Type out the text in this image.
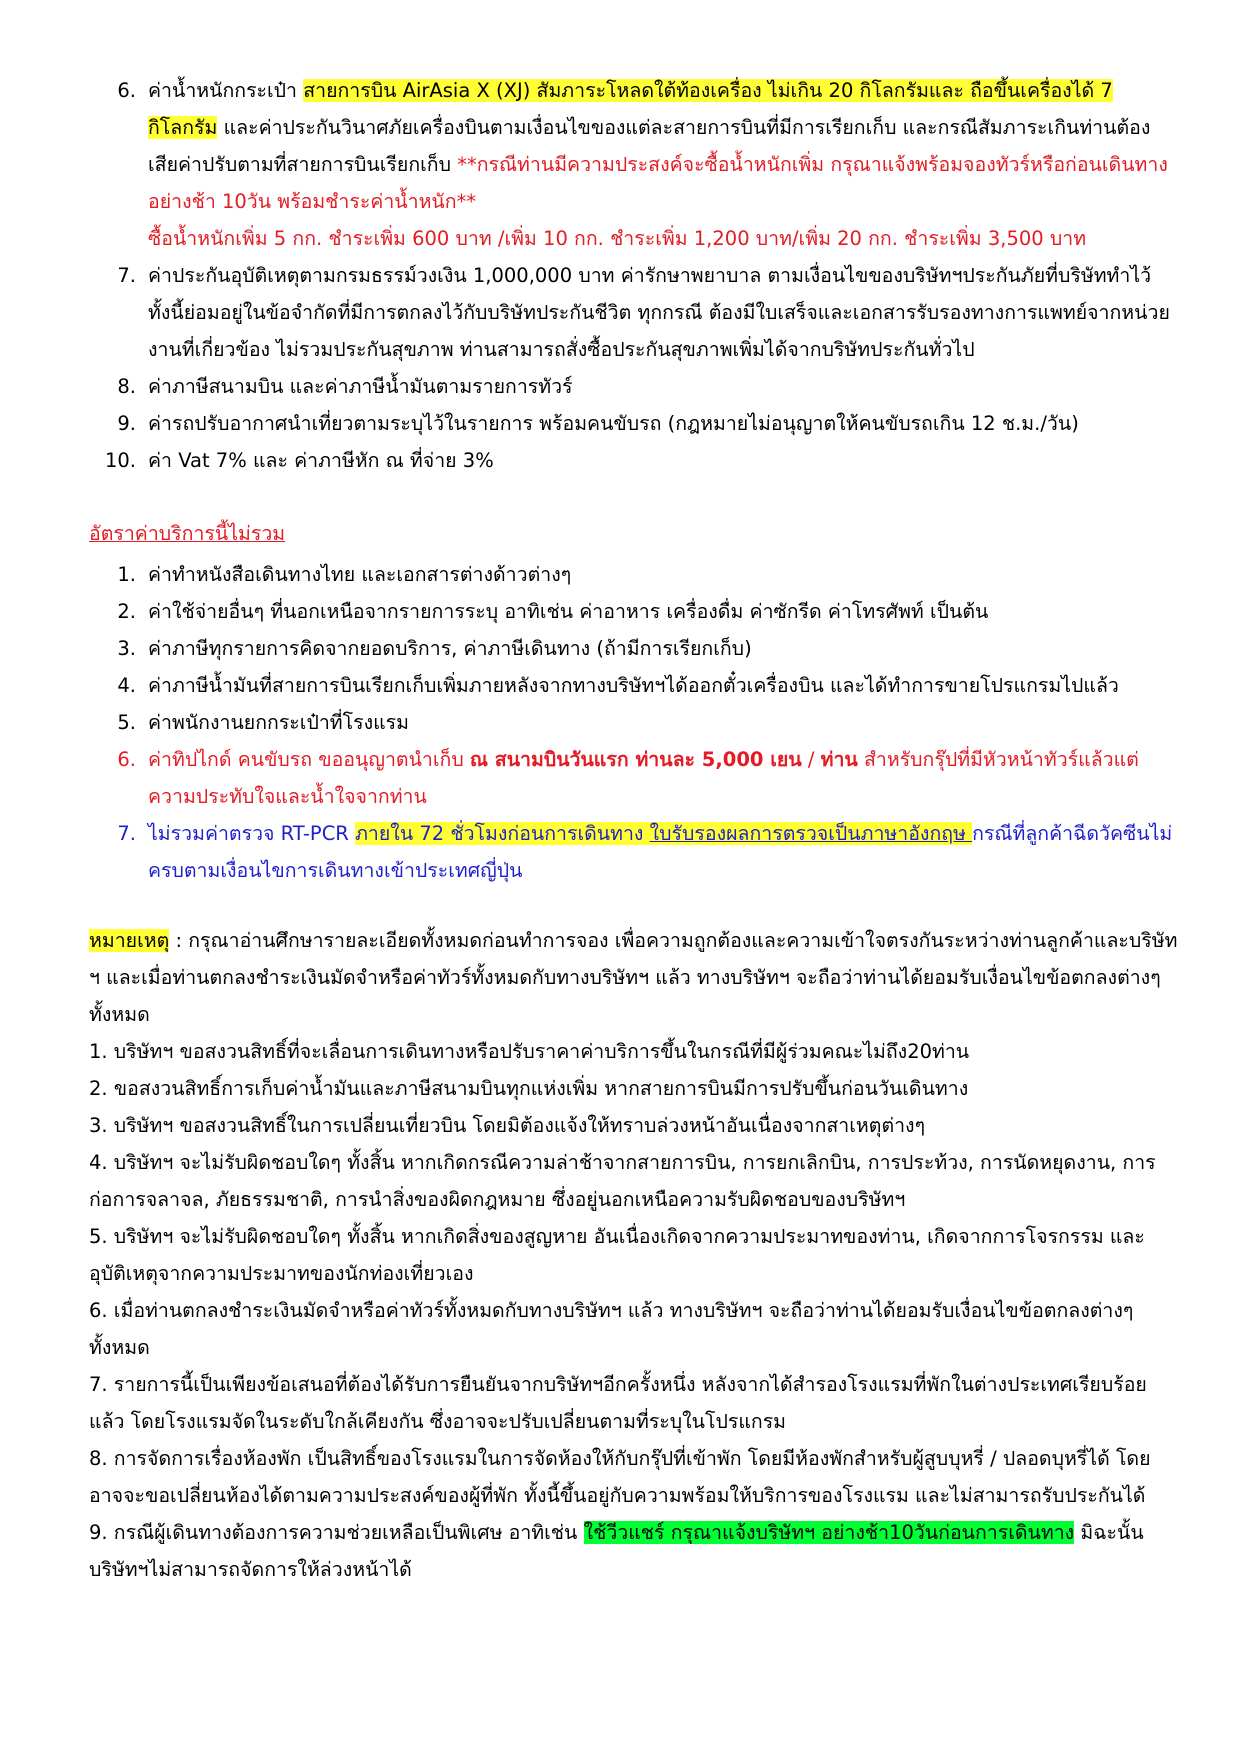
6. ค่าน้ำหนักกระเป๋า สายการบิน AirAsia X (XJ) สัมภาระโหลดใต้ท้องเครื่อง ไม่เกิน 20 กิโลกรัมและ ถือขึ้นเครื่องได้ 7 กิโลกรัม และค่าประกันวินาศภัยเครื่องบินตามเงื่อนไขของแต่ละสายการบินที่มีการเรียกเก็บ และกรณีสัมภาระเกินท่านต้องเสียค่าปรับตามที่สายการบินเรียกเก็บ **กรณีท่านมีความประสงค์จะซื้อน้ำหนักเพิ่ม กรุณาแจ้งพร้อมจองทัวร์หรือก่อนเดินทางอย่างช้า 10วัน พร้อมชำระค่าน้ำหนัก**
ซื้อน้ำหนักเพิ่ม 5 กก. ชำระเพิ่ม 600 บาท /เพิ่ม 10 กก. ชำระเพิ่ม 1,200 บาท/เพิ่ม 20 กก. ชำระเพิ่ม 3,500 บาท
7. ค่าประกันอุบัติเหตุตามกรมธรรม์วงเงิน 1,000,000 บาท ค่ารักษาพยาบาล ตามเงื่อนไขของบริษัทฯประกันภัยที่บริษัททำไว้ ทั้งนี้ย่อมอยู่ในข้อจำกัดที่มีการตกลงไว้กับบริษัทประกันชีวิต ทุกกรณี ต้องมีใบเสร็จและเอกสารรับรองทางการแพทย์จากหน่วยงานที่เกี่ยวข้อง ไม่รวมประกันสุขภาพ ท่านสามารถสั่งซื้อประกันสุขภาพเพิ่มได้จากบริษัทประกันทั่วไป
8. ค่าภาษีสนามบิน และค่าภาษีน้ำมันตามรายการทัวร์
9. ค่ารถปรับอากาศนำเที่ยวตามระบุไว้ในรายการ พร้อมคนขับรถ (กฎหมายไม่อนุญาตให้คนขับรถเกิน 12 ช.ม./วัน)
10. ค่า Vat 7% และ ค่าภาษีหัก ณ ที่จ่าย 3%
อัตราค่าบริการนี้ไม่รวม
1. ค่าทำหนังสือเดินทางไทย และเอกสารต่างด้าวต่างๆ
2. ค่าใช้จ่ายอื่นๆ ที่นอกเหนือจากรายการระบุ อาทิเช่น ค่าอาหาร เครื่องดื่ม ค่าซักรีด ค่าโทรศัพท์ เป็นต้น
3. ค่าภาษีทุกรายการคิดจากยอดบริการ, ค่าภาษีเดินทาง (ถ้ามีการเรียกเก็บ)
4. ค่าภาษีน้ำมันที่สายการบินเรียกเก็บเพิ่มภายหลังจากทางบริษัทฯได้ออกตั๋วเครื่องบิน และได้ทำการขายโปรแกรมไปแล้ว
5. ค่าพนักงานยกกระเป๋าที่โรงแรม
6. ค่าทิปไกด์ คนขับรถ ขออนุญาตนำเก็บ ณ สนามบินวันแรก ท่านละ 5,000 เยน / ท่าน สำหรับกรุ๊ปที่มีหัวหน้าทัวร์แล้วแต่ความประทับใจและน้ำใจจากท่าน
7. ไม่รวมค่าตรวจ RT-PCR ภายใน 72 ชั่วโมงก่อนการเดินทาง ใบรับรองผลการตรวจเป็นภาษาอังกฤษ กรณีที่ลูกค้าฉีดวัคซีนไม่ครบตามเงื่อนไขการเดินทางเข้าประเทศญี่ปุ่น

หมายเหตุ : กรุณาอ่านศึกษารายละเอียดทั้งหมดก่อนทำการจอง เพื่อความถูกต้องและความเข้าใจตรงกันระหว่างท่านลูกค้าและบริษัท ฯ และเมื่อท่านตกลงชำระเงินมัดจำหรือค่าทัวร์ทั้งหมดกับทางบริษัทฯ แล้ว ทางบริษัทฯ จะถือว่าท่านได้ยอมรับเงื่อนไขข้อตกลงต่างๆ ทั้งหมด

1. บริษัทฯ ขอสงวนสิทธิ์ที่จะเลื่อนการเดินทางหรือปรับราคาค่าบริการขึ้นในกรณีที่มีผู้ร่วมคณะไม่ถึง20ท่าน

2. ขอสงวนสิทธิ์การเก็บค่าน้ำมันและภาษีสนามบินทุกแห่งเพิ่ม หากสายการบินมีการปรับขึ้นก่อนวันเดินทาง

3. บริษัทฯ ขอสงวนสิทธิ์ในการเปลี่ยนเที่ยวบิน โดยมิต้องแจ้งให้ทราบล่วงหน้าอันเนื่องจากสาเหตุต่างๆ

4. บริษัทฯ จะไม่รับผิดชอบใดๆ ทั้งสิ้น หากเกิดกรณีความล่าช้าจากสายการบิน, การยกเลิกบิน, การประท้วง, การนัดหยุดงาน, การก่อการจลาจล, ภัยธรรมชาติ, การนำสิ่งของผิดกฎหมาย ซึ่งอยู่นอกเหนือความรับผิดชอบของบริษัทฯ

5. บริษัทฯ จะไม่รับผิดชอบใดๆ ทั้งสิ้น หากเกิดสิ่งของสูญหาย อันเนื่องเกิดจากความประมาทของท่าน, เกิดจากการโจรกรรม และอุบัติเหตุจากความประมาทของนักท่องเที่ยวเอง

6. เมื่อท่านตกลงชำระเงินมัดจำหรือค่าทัวร์ทั้งหมดกับทางบริษัทฯ แล้ว ทางบริษัทฯ จะถือว่าท่านได้ยอมรับเงื่อนไขข้อตกลงต่างๆ ทั้งหมด

7. รายการนี้เป็นเพียงข้อเสนอที่ต้องได้รับการยืนยันจากบริษัทฯอีกครั้งหนึ่ง หลังจากได้สำรองโรงแรมที่พักในต่างประเทศเรียบร้อยแล้ว โดยโรงแรมจัดในระดับใกล้เคียงกัน ซึ่งอาจจะปรับเปลี่ยนตามที่ระบุในโปรแกรม

8. การจัดการเรื่องห้องพัก เป็นสิทธิ์ของโรงแรมในการจัดห้องให้กับกรุ๊ปที่เข้าพัก โดยมีห้องพักสำหรับผู้สูบบุหรี่ / ปลอดบุหรี่ได้ โดยอาจจะขอเปลี่ยนห้องได้ตามความประสงค์ของผู้ที่พัก ทั้งนี้ขึ้นอยู่กับความพร้อมให้บริการของโรงแรม และไม่สามารถรับประกันได้

9. กรณีผู้เดินทางต้องการความช่วยเหลือเป็นพิเศษ อาทิเช่น ใช้วีวแชร์ กรุณาแจ้งบริษัทฯ อย่างช้า10วันก่อนการเดินทาง มิฉะนั้นบริษัทฯไม่สามารถจัดการให้ล่วงหน้าได้
